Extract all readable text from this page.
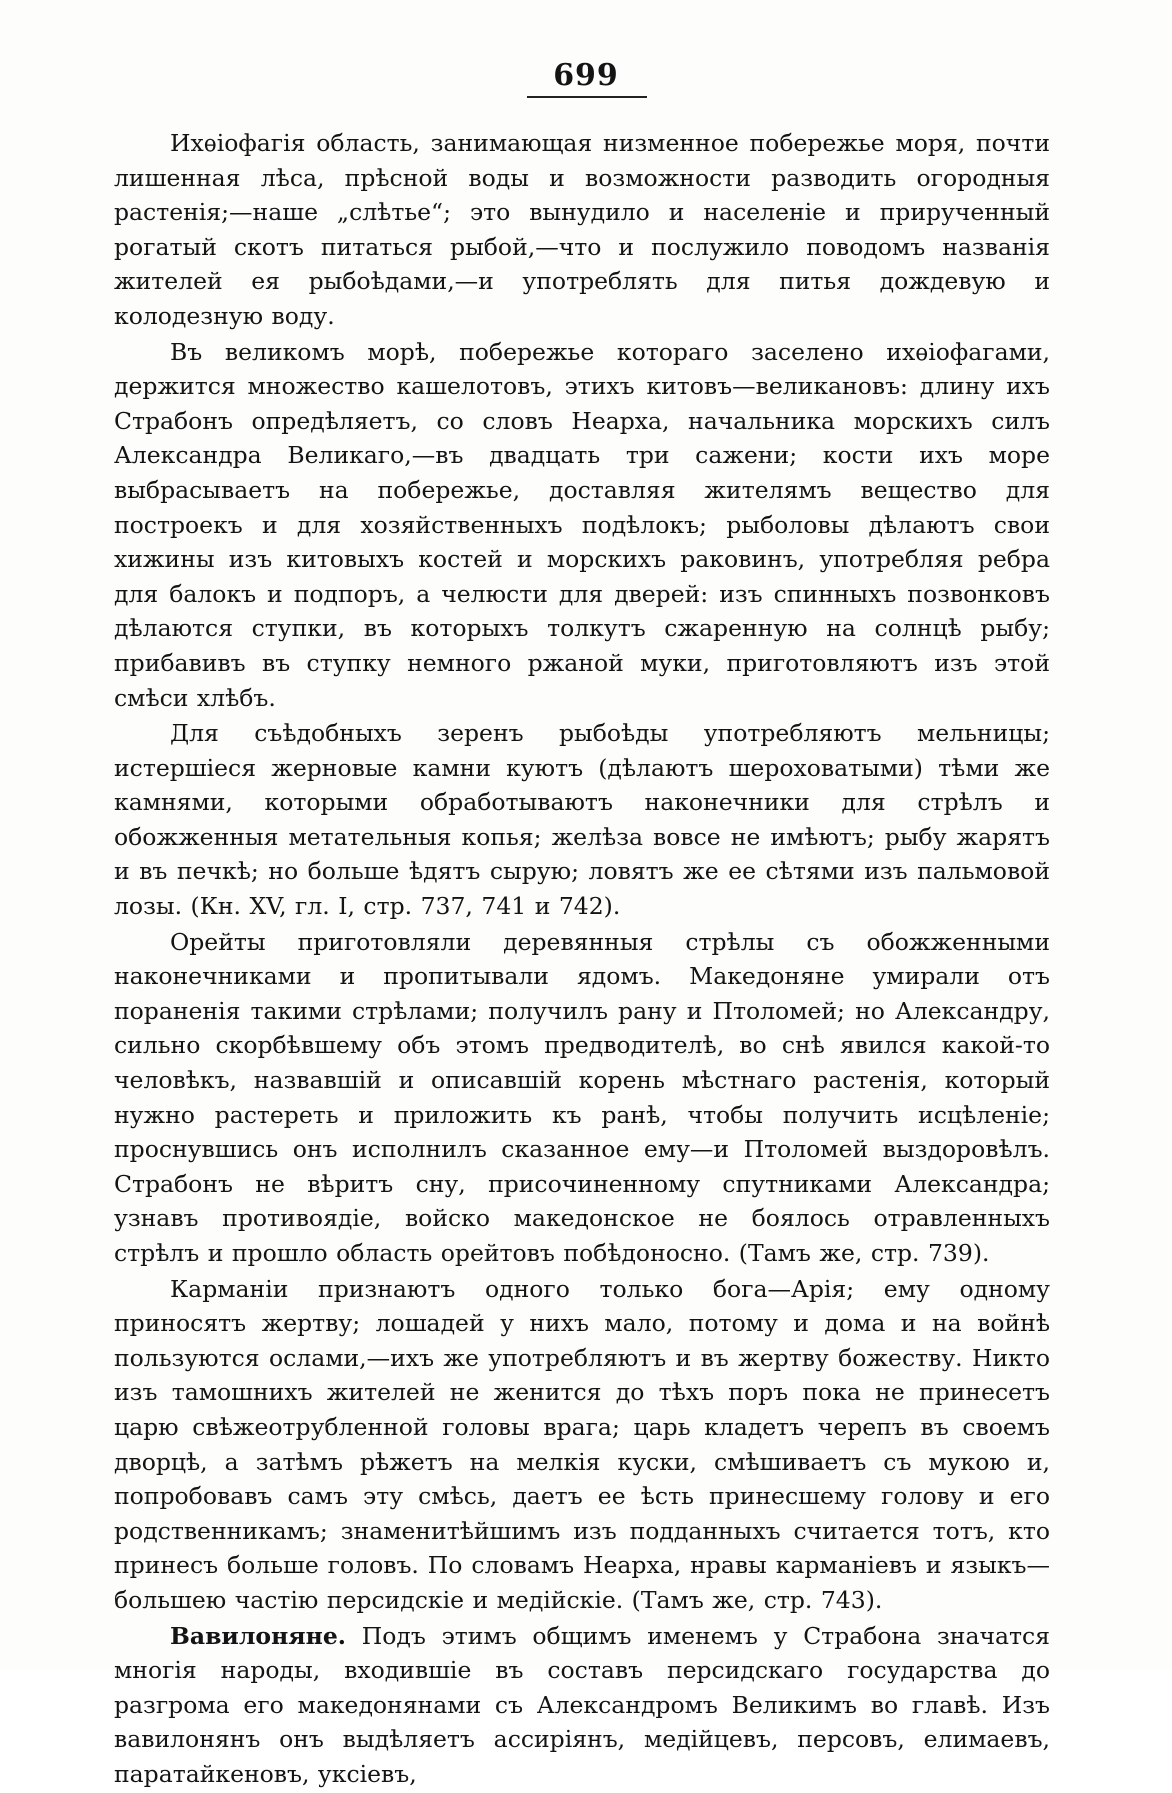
699

Ихѳіофагія область, занимающая низменное побережье моря, почти лишенная лѣса, прѣсной воды и возможности разводить огородныя растенія;—наше „слѣтье“; это вынудило и населеніе и прирученный рогатый скотъ питаться рыбой,—что и послужило поводомъ названія жителей ея рыбоѣдами,—и употреблять для питья дождевую и колодезную воду.

Въ великомъ морѣ, побережье котораго заселено ихѳіофагами, держится множество кашелотовъ, этихъ китовъ—великановъ: длину ихъ Страбонъ опредѣляетъ, со словъ Неарха, начальника морскихъ силъ Александра Великаго,—въ двадцать три сажени; кости ихъ море выбрасываетъ на побережье, доставляя жителямъ вещество для построекъ и для хозяйственныхъ подѣлокъ; рыболовы дѣлаютъ свои хижины изъ китовыхъ костей и морскихъ раковинъ, употребляя ребра для балокъ и подпоръ, а челюсти для дверей: изъ спинныхъ позвонковъ дѣлаются ступки, въ которыхъ толкутъ сжаренную на солнцѣ рыбу; прибавивъ въ ступку немного ржаной муки, приготовляютъ изъ этой смѣси хлѣбъ.

Для съѣдобныхъ зеренъ рыбоѣды употребляютъ мельницы; истершіеся жерновые камни куютъ (дѣлаютъ шероховатыми) тѣми же камнями, которыми обработываютъ наконечники для стрѣлъ и обожженныя метательныя копья; желѣза вовсе не имѣютъ; рыбу жарятъ и въ печкѣ; но больше ѣдятъ сырую; ловятъ же ее сѣтями изъ пальмовой лозы. (Кн. XV, гл. I, стр. 737, 741 и 742).

Орейты приготовляли деревянныя стрѣлы съ обожженными наконечниками и пропитывали ядомъ. Македоняне умирали отъ пораненія такими стрѣлами; получилъ рану и Птоломей; но Александру, сильно скорбѣвшему объ этомъ предводителѣ, во снѣ явился какой-то человѣкъ, назвавшій и описавшій корень мѣстнаго растенія, который нужно растереть и приложить къ ранѣ, чтобы получить исцѣленіе; проснувшись онъ исполнилъ сказанное ему—и Птоломей выздоровѣлъ. Страбонъ не вѣритъ сну, присочиненному спутниками Александра; узнавъ противоядіе, войско македонское не боялось отравленныхъ стрѣлъ и прошло область орейтовъ побѣдоносно. (Тамъ же, стр. 739).

Карманіи признаютъ одного только бога—Арія; ему одному приносятъ жертву; лошадей у нихъ мало, потому и дома и на войнѣ пользуются ослами,—ихъ же употребляютъ и въ жертву божеству. Никто изъ тамошнихъ жителей не женится до тѣхъ поръ пока не принесетъ царю свѣжеотрубленной головы врага; царь кладетъ черепъ въ своемъ дворцѣ, а затѣмъ рѣжетъ на мелкія куски, смѣшиваетъ съ мукою и, попробовавъ самъ эту смѣсь, даетъ ее ѣсть принесшему голову и его родственникамъ; знаменитѣйшимъ изъ подданныхъ считается тотъ, кто принесъ больше головъ. По словамъ Неарха, нравы карманіевъ и языкъ—большею частію персидскіе и медійскіе. (Тамъ же, стр. 743).

Вавилоняне. Подъ этимъ общимъ именемъ у Страбона значатся многія народы, входившіе въ составъ персидскаго государства до разгрома его македонянами съ Александромъ Великимъ во главѣ. Изъ вавилонянъ онъ выдѣляетъ ассиріянъ, медійцевъ, персовъ, елимаевъ, паратайкеновъ, уксіевъ,
